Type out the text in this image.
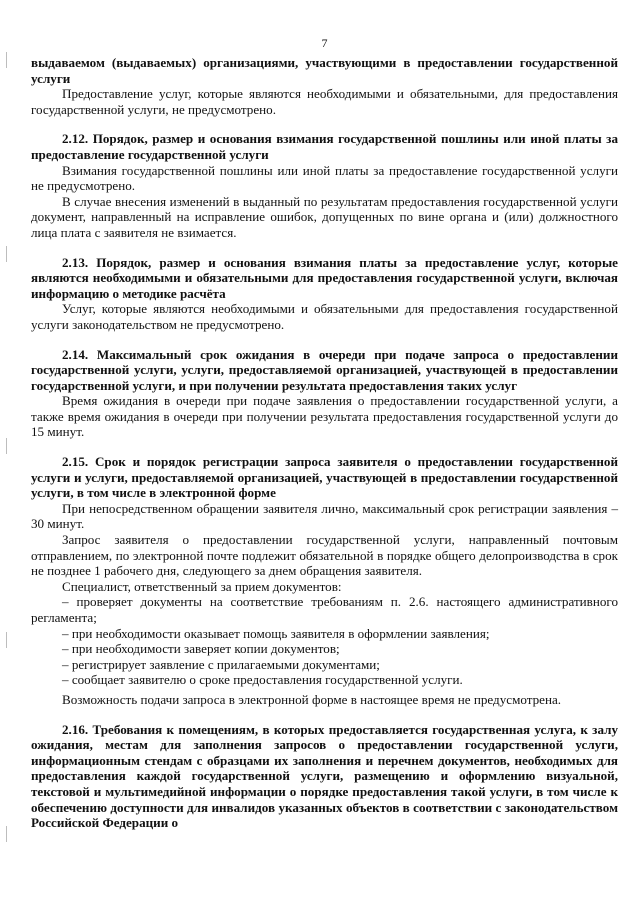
7

выдаваемом (выдаваемых) организациями, участвующими в предоставлении государственной услуги

Предоставление услуг, которые являются необходимыми и обязательными, для предоставления государственной услуги, не предусмотрено.

2.12. Порядок, размер и основания взимания государственной пошлины или иной платы за предоставление государственной услуги

Взимания государственной пошлины или иной платы за предоставление государственной услуги не предусмотрено.

В случае внесения изменений в выданный по результатам предоставления государственной услуги документ, направленный на исправление ошибок, допущенных по вине органа и (или) должностного лица плата с заявителя не взимается.

2.13. Порядок, размер и основания взимания платы за предоставление услуг, которые являются необходимыми и обязательными для предоставления государственной услуги, включая информацию о методике расчёта

Услуг, которые являются необходимыми и обязательными для предоставления государственной услуги законодательством не предусмотрено.

2.14. Максимальный срок ожидания в очереди при подаче запроса о предоставлении государственной услуги, услуги, предоставляемой организацией, участвующей в предоставлении государственной услуги, и при получении результата предоставления таких услуг

Время ожидания в очереди при подаче заявления о предоставлении государственной услуги, а также время ожидания в очереди при получении результата предоставления государственной услуги до 15 минут.

2.15. Срок и порядок регистрации запроса заявителя о предоставлении государственной услуги и услуги, предоставляемой организацией, участвующей в предоставлении государственной услуги, в том числе в электронной форме

При непосредственном обращении заявителя лично, максимальный срок регистрации заявления – 30 минут.

Запрос заявителя о предоставлении государственной услуги, направленный почтовым отправлением, по электронной почте подлежит обязательной в порядке общего делопроизводства в срок не позднее 1 рабочего дня, следующего за днем обращения заявителя.

Специалист, ответственный за прием документов:

– проверяет документы на соответствие требованиям п. 2.6. настоящего административного регламента;

– при необходимости оказывает помощь заявителя в оформлении заявления;

– при необходимости заверяет копии документов;

– регистрирует заявление с прилагаемыми документами;

– сообщает заявителю о сроке предоставления государственной услуги.

Возможность подачи запроса в электронной форме в настоящее время не предусмотрена.

2.16. Требования к помещениям, в которых предоставляется государственная услуга, к залу ожидания, местам для заполнения запросов о предоставлении государственной услуги, информационным стендам с образцами их заполнения и перечнем документов, необходимых для предоставления каждой государственной услуги, размещению и оформлению визуальной, текстовой и мультимедийной информации о порядке предоставления такой услуги, в том числе к обеспечению доступности для инвалидов указанных объектов в соответствии с законодательством Российской Федерации о
